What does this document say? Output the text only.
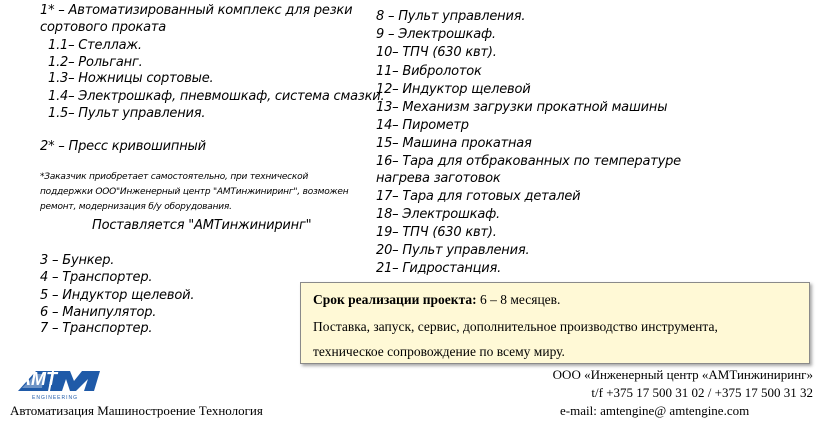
1* – Автоматизированный комплекс для резки
сортового проката
1.1– Стеллаж.
1.2– Рольганг.
1.3– Ножницы сортовые.
1.4– Электрошкаф, пневмошкаф, система смазки.
1.5– Пульт управления.
2* – Пресс кривошипный
*Заказчик приобретает самостоятельно, при технической
поддержки ООО"Инженерный центр "АМТинжиниринг", возможен
ремонт, модернизация б/у оборудования.
Поставляется "АМТинжиниринг"
3 – Бункер.
4 – Транспортер.
5 – Индуктор щелевой.
6 – Манипулятор.
7 – Транспортер.
8 – Пульт управления.
9 – Электрошкаф.
10– ТПЧ (630 квт).
11– Вибролоток
12– Индуктор щелевой
13– Механизм загрузки прокатной машины
14– Пирометр
15– Машина прокатная
16– Тара для отбракованных по температуре
нагрева заготовок
17– Тара для готовых деталей
18– Электрошкаф.
19– ТПЧ (630 квт).
20– Пульт управления.
21– Гидростанция.
Срок реализации проекта: 6 – 8 месяцев.
Поставка, запуск, сервис, дополнительное производство инструмента,
техническое сопровождение по всему миру.
AMT
ENGINEERING
Автоматизация Машиностроение Технология
ООО «Инженерный центр «АМТинжиниринг»
t/f +375 17 500 31 02 / +375 17 500 31 32
e-mail: amtengine@ amtengine.com
